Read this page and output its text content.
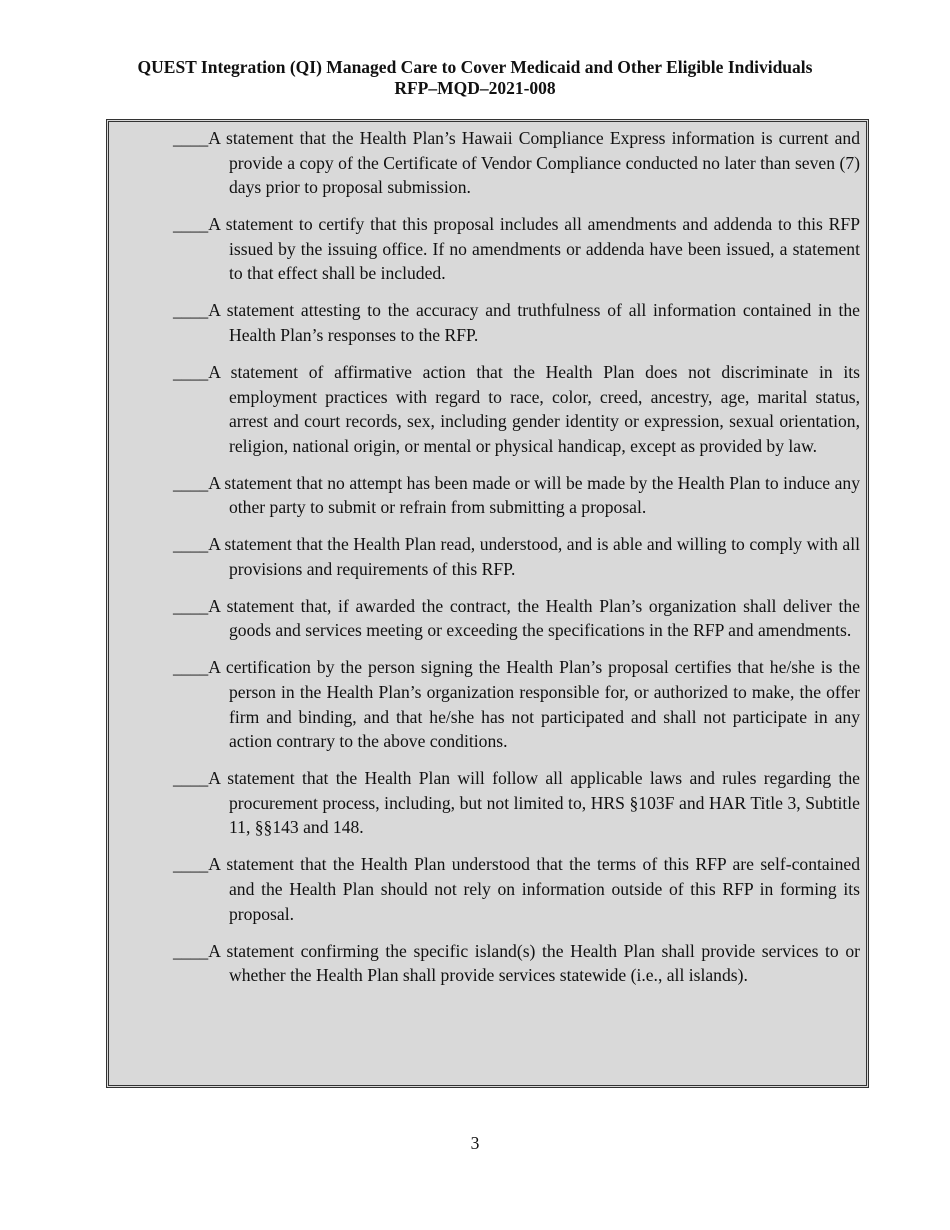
QUEST Integration (QI) Managed Care to Cover Medicaid and Other Eligible Individuals
RFP–MQD–2021-008
____A statement that the Health Plan’s Hawaii Compliance Express information is current and provide a copy of the Certificate of Vendor Compliance conducted no later than seven (7) days prior to proposal submission.
____A statement to certify that this proposal includes all amendments and addenda to this RFP issued by the issuing office. If no amendments or addenda have been issued, a statement to that effect shall be included.
____A statement attesting to the accuracy and truthfulness of all information contained in the Health Plan’s responses to the RFP.
____A statement of affirmative action that the Health Plan does not discriminate in its employment practices with regard to race, color, creed, ancestry, age, marital status, arrest and court records, sex, including gender identity or expression, sexual orientation, religion, national origin, or mental or physical handicap, except as provided by law.
____A statement that no attempt has been made or will be made by the Health Plan to induce any other party to submit or refrain from submitting a proposal.
____A statement that the Health Plan read, understood, and is able and willing to comply with all provisions and requirements of this RFP.
____A statement that, if awarded the contract, the Health Plan’s organization shall deliver the goods and services meeting or exceeding the specifications in the RFP and amendments.
____A certification by the person signing the Health Plan’s proposal certifies that he/she is the person in the Health Plan’s organization responsible for, or authorized to make, the offer firm and binding, and that he/she has not participated and shall not participate in any action contrary to the above conditions.
____A statement that the Health Plan will follow all applicable laws and rules regarding the procurement process, including, but not limited to, HRS §103F and HAR Title 3, Subtitle 11, §§143 and 148.
____A statement that the Health Plan understood that the terms of this RFP are self-contained and the Health Plan should not rely on information outside of this RFP in forming its proposal.
____A statement confirming the specific island(s) the Health Plan shall provide services to or whether the Health Plan shall provide services statewide (i.e., all islands).
3
